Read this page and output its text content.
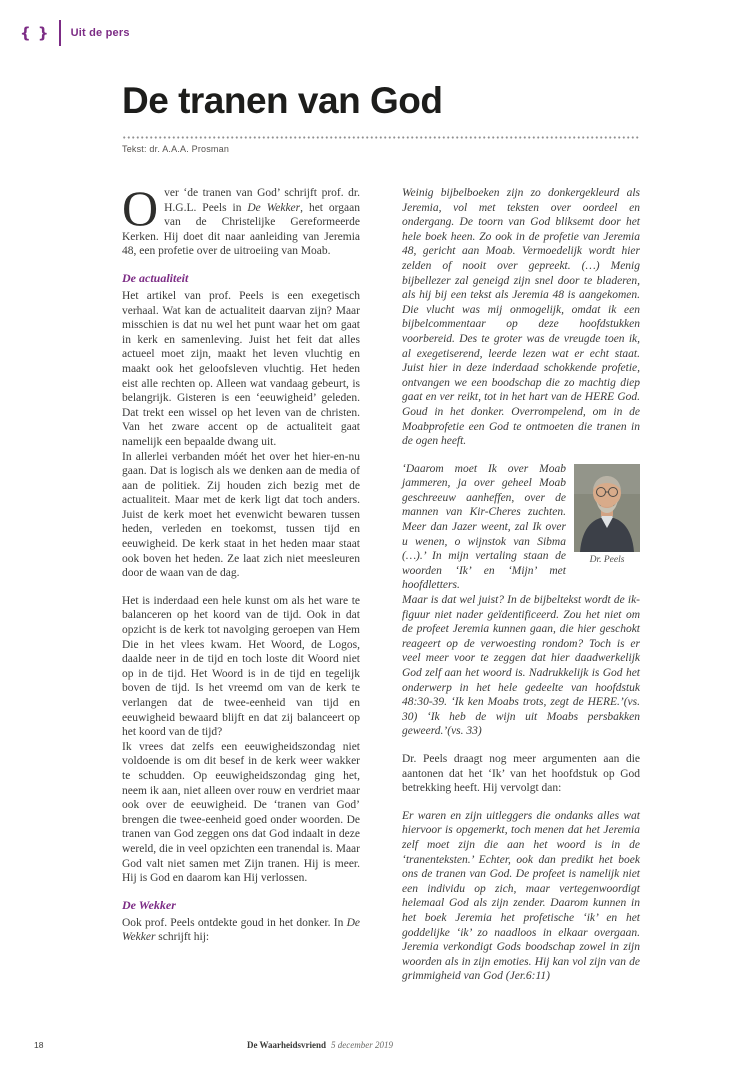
{ } Uit de pers
De tranen van God
Tekst: dr. A.A.A. Prosman

Over ‘de tranen van God’ schrijft prof. dr. H.G.L. Peels in De Wekker, het orgaan van de Christelijke Gereformeerde Kerken. Hij doet dit naar aanleiding van Jeremia 48, een profetie over de uitroeiing van Moab.

De actualiteit

Het artikel van prof. Peels is een exegetisch verhaal. Wat kan de actualiteit daarvan zijn? Maar misschien is dat nu wel het punt waar het om gaat in kerk en samenleving. Juist het feit dat alles actueel moet zijn, maakt het leven vluchtig en maakt ook het geloofsleven vluchtig. Het heden eist alle rechten op. Alleen wat vandaag gebeurt, is belangrijk. Gisteren is een ‘eeuwigheid’ geleden. Dat trekt een wissel op het leven van de christen. Van het zware accent op de actualiteit gaat namelijk een bepaalde dwang uit.

In allerlei verbanden móét het over het hier-en-nu gaan. Dat is logisch als we denken aan de media of aan de politiek. Zij houden zich bezig met de actualiteit. Maar met de kerk ligt dat toch anders. Juist de kerk moet het evenwicht bewaren tussen heden, verleden en toekomst, tussen tijd en eeuwigheid. De kerk staat in het heden maar staat ook boven het heden. Ze laat zich niet meesleuren door de waan van de dag.

Het is inderdaad een hele kunst om als het ware te balanceren op het koord van de tijd. Ook in dat opzicht is de kerk tot navolging geroepen van Hem Die in het vlees kwam. Het Woord, de Logos, daalde neer in de tijd en toch loste dit Woord niet op in de tijd. Het Woord is in de tijd en tegelijk boven de tijd. Is het vreemd om van de kerk te verlangen dat de twee-eenheid van tijd en eeuwigheid bewaard blijft en dat zij balanceert op het koord van de tijd?

Ik vrees dat zelfs een eeuwigheidszondag niet voldoende is om dit besef in de kerk weer wakker te schudden. Op eeuwigheidszondag ging het, neem ik aan, niet alleen over rouw en verdriet maar ook over de eeuwigheid. De ‘tranen van God’ brengen die twee-eenheid goed onder woorden. De tranen van God zeggen ons dat God indaalt in deze wereld, die in veel opzichten een tranendal is. Maar God valt niet samen met Zijn tranen. Hij is meer. Hij is God en daarom kan Hij verlossen.

De Wekker

Ook prof. Peels ontdekte goud in het donker. In De Wekker schrijft hij:

Weinig bijbelboeken zijn zo donkergekleurd als Jeremia, vol met teksten over oordeel en ondergang. De toorn van God bliksemt door het hele boek heen. Zo ook in de profetie van Jeremia 48, gericht aan Moab. Vermoedelijk wordt hier zelden of nooit over gepreekt. (…) Menig bijbellezer zal geneigd zijn snel door te bladeren, als hij bij een tekst als Jeremia 48 is aangekomen. Die vlucht was mij onmogelijk, omdat ik een bijbelcommentaar op deze hoofdstukken voorbereid. Des te groter was de vreugde toen ik, al exegetiserend, leerde lezen wat er echt staat. Juist hier in deze inderdaad schokkende profetie, ontvangen we een boodschap die zo machtig diep gaat en ver reikt, tot in het hart van de HERE God. Goud in het donker. Overrompelend, om in de Moabprofetie een God te ontmoeten die tranen in de ogen heeft.

Dr. Peels

‘Daarom moet Ik over Moab jammeren, ja over geheel Moab geschreeuw aanheffen, over de mannen van Kir-Cheres zuchten. Meer dan Jazer weent, zal Ik over u wenen, o wijnstok van Sibma (…).’ In mijn vertaling staan de woorden ‘Ik’ en ‘Mijn’ met hoofdletters.

Maar is dat wel juist? In de bijbeltekst wordt de ik-figuur niet nader geïdentificeerd. Zou het niet om de profeet Jeremia kunnen gaan, die hier geschokt reageert op de verwoesting rondom? Toch is er veel meer voor te zeggen dat hier daadwerkelijk God zelf aan het woord is. Nadrukkelijk is God het onderwerp in het hele gedeelte van hoofdstuk 48:30-39. ‘Ik ken Moabs trots, zegt de HERE.’(vs. 30) ‘Ik heb de wijn uit Moabs persbakken geweerd.’(vs. 33)

Dr. Peels draagt nog meer argumenten aan die aantonen dat het ‘Ik’ van het hoofdstuk op God betrekking heeft. Hij vervolgt dan:

Er waren en zijn uitleggers die ondanks alles wat hiervoor is opgemerkt, toch menen dat het Jeremia zelf moet zijn die aan het woord is in de ‘tranenteksten.’ Echter, ook dan predikt het boek ons de tranen van God. De profeet is namelijk niet een individu op zich, maar vertegenwoordigt helemaal God als zijn zender. Daarom kunnen in het boek Jeremia het profetische ‘ik’ en het goddelijke ‘ik’ zo naadloos in elkaar overgaan. Jeremia verkondigt Gods boodschap zowel in zijn woorden als in zijn emoties. Hij kan vol zijn van de grimmigheid van God (Jer.6:11)

18	De Waarheidsvriend 5 december 2019
